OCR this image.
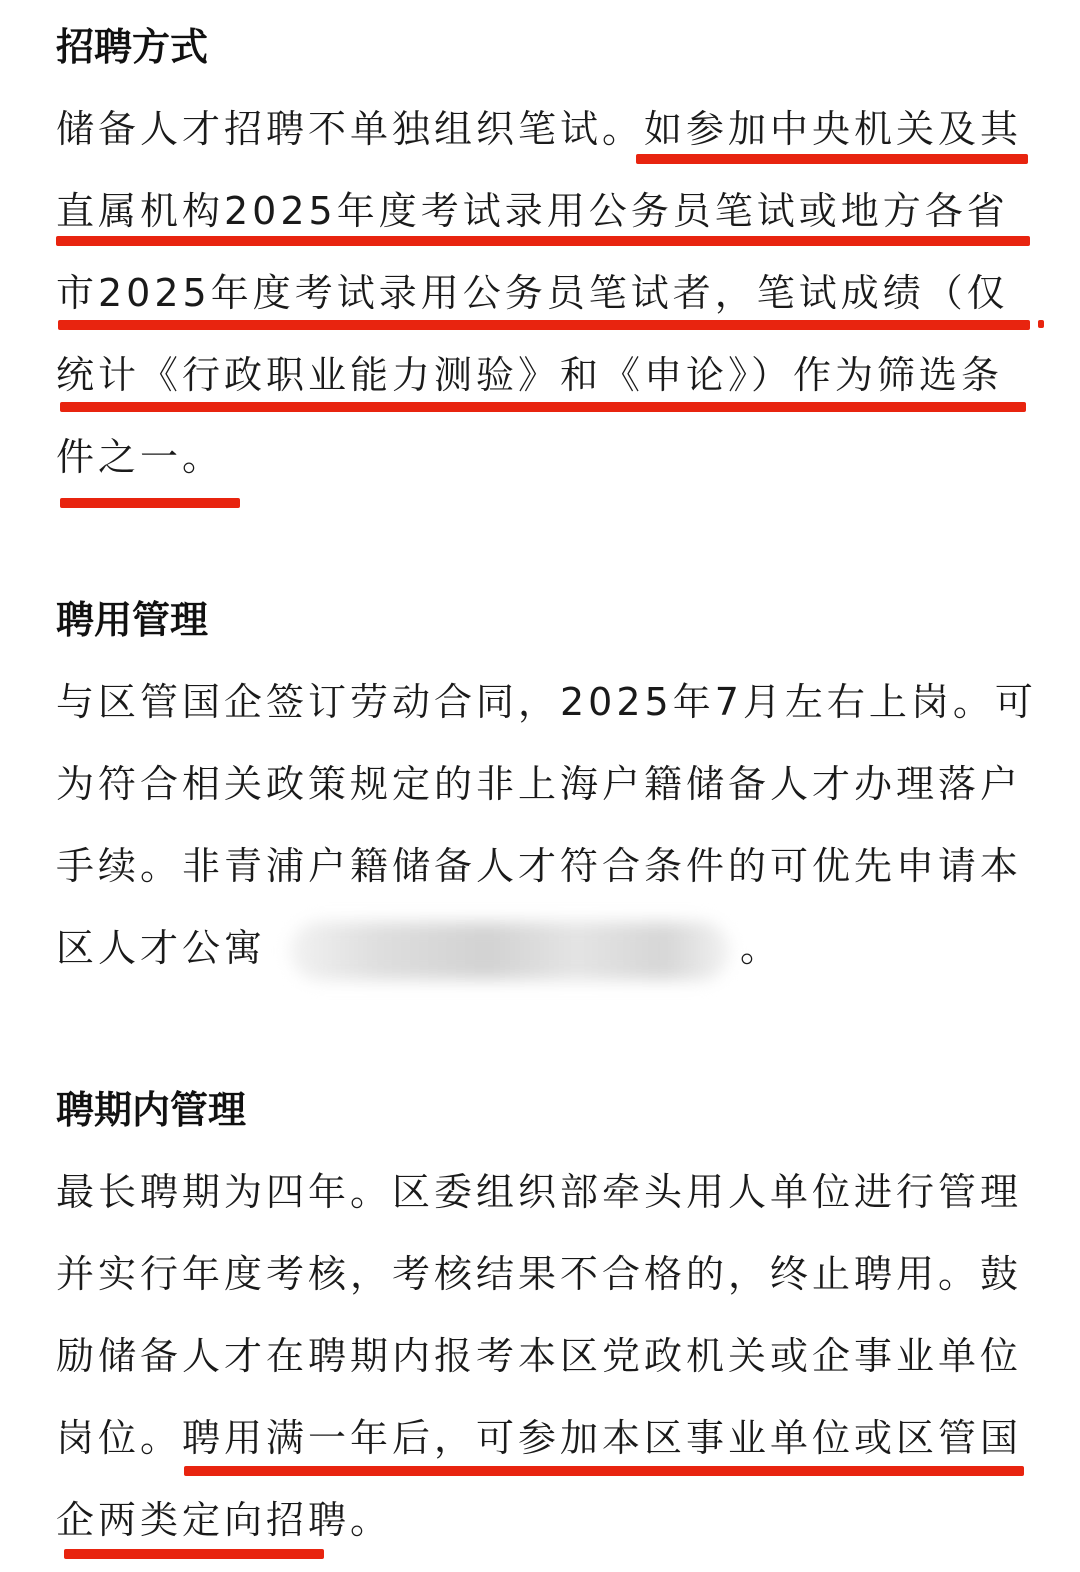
招聘方式
储备人才招聘不单独组织笔试。如参加中央机关及其
直属机构2025年度考试录用公务员笔试或地方各省
市2025年度考试录用公务员笔试者，笔试成绩（仅
统计《行政职业能力测验》和《申论》）作为筛选条
件之一。
聘用管理
与区管国企签订劳动合同，2025年7月左右上岗。可
为符合相关政策规定的非上海户籍储备人才办理落户
手续。非青浦户籍储备人才符合条件的可优先申请本
区人才公寓	。
聘期内管理
最长聘期为四年。区委组织部牵头用人单位进行管理
并实行年度考核，考核结果不合格的，终止聘用。鼓
励储备人才在聘期内报考本区党政机关或企事业单位
岗位。聘用满一年后，可参加本区事业单位或区管国
企两类定向招聘。
